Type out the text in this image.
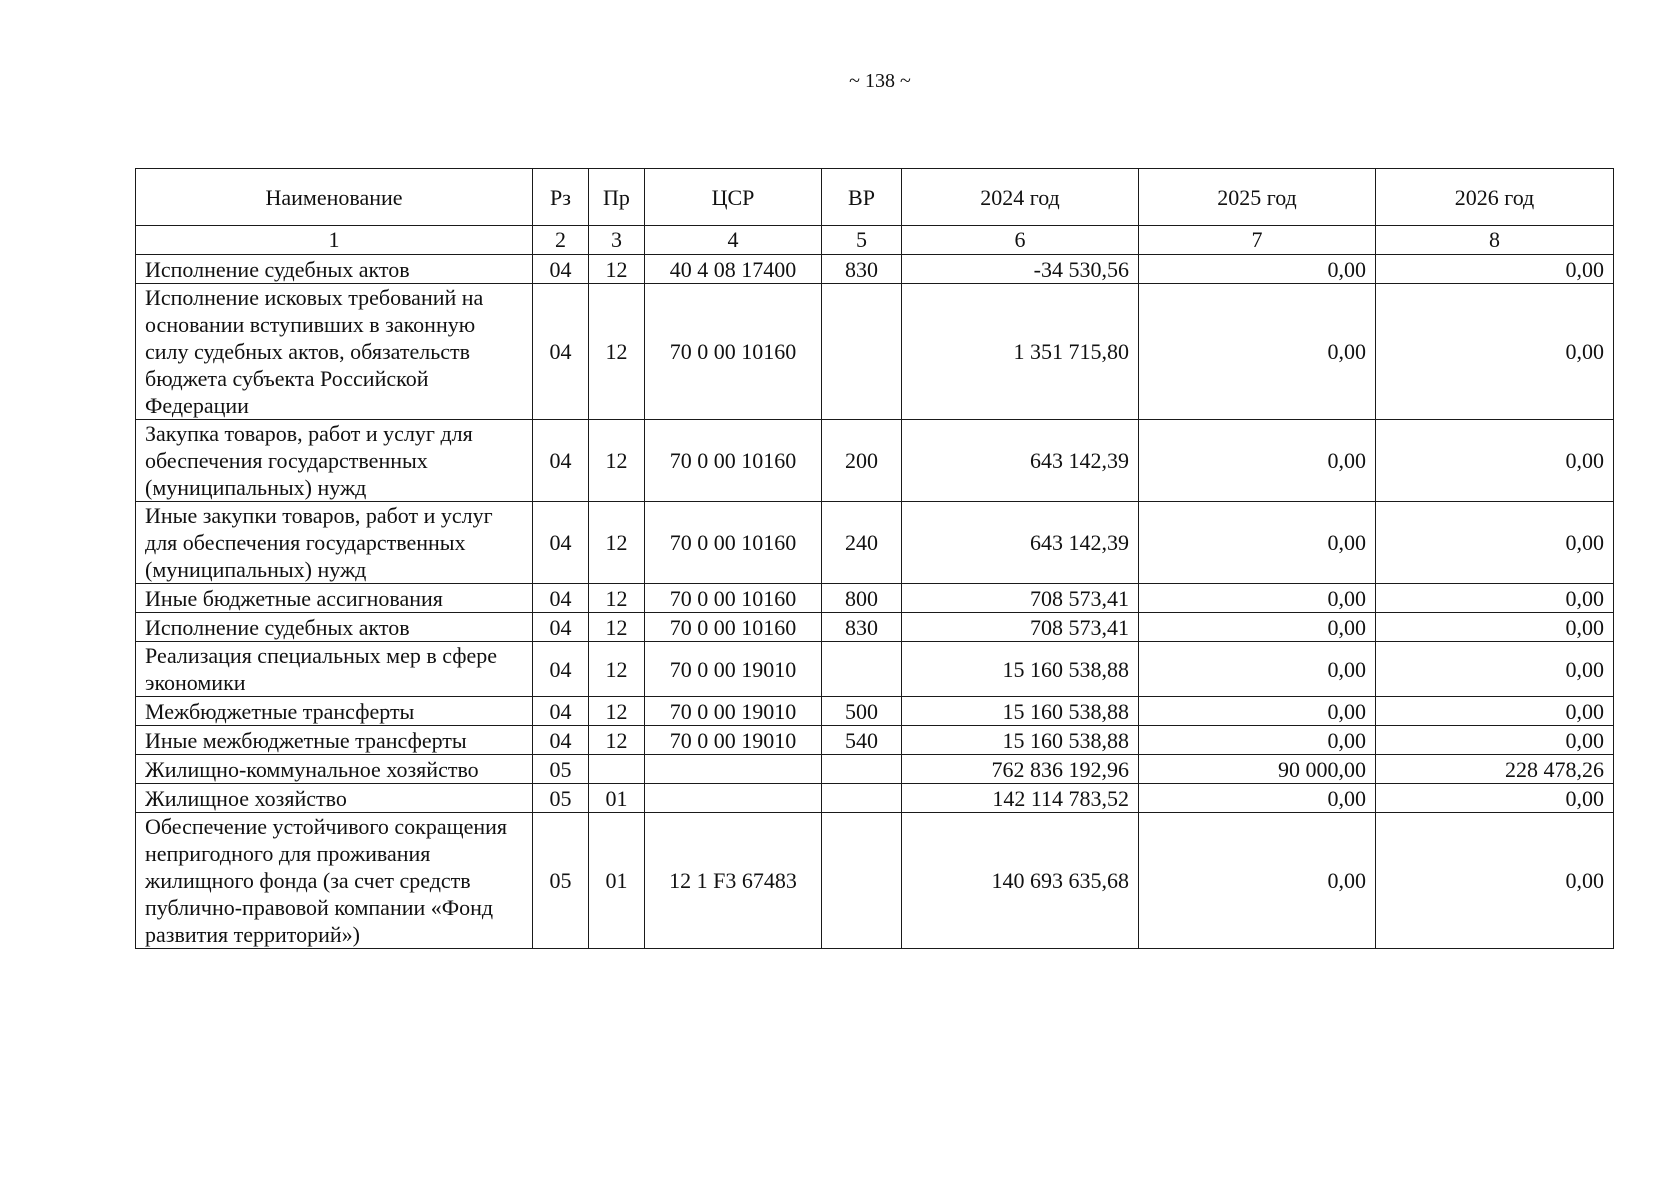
~ 138 ~
Наименование	Рз	Пр	ЦСР	ВР	2024 год	2025 год	2026 год
1	2	3	4	5	6	7	8
Исполнение судебных актов	04	12	40 4 08 17400	830	-34 530,56	0,00	0,00
Исполнение исковых требований на основании вступивших в законную силу судебных актов, обязательств бюджета субъекта Российской Федерации	04	12	70 0 00 10160		1 351 715,80	0,00	0,00
Закупка товаров, работ и услуг для обеспечения государственных (муниципальных) нужд	04	12	70 0 00 10160	200	643 142,39	0,00	0,00
Иные закупки товаров, работ и услуг для обеспечения государственных (муниципальных) нужд	04	12	70 0 00 10160	240	643 142,39	0,00	0,00
Иные бюджетные ассигнования	04	12	70 0 00 10160	800	708 573,41	0,00	0,00
Исполнение судебных актов	04	12	70 0 00 10160	830	708 573,41	0,00	0,00
Реализация специальных мер в сфере экономики	04	12	70 0 00 19010		15 160 538,88	0,00	0,00
Межбюджетные трансферты	04	12	70 0 00 19010	500	15 160 538,88	0,00	0,00
Иные межбюджетные трансферты	04	12	70 0 00 19010	540	15 160 538,88	0,00	0,00
Жилищно-коммунальное хозяйство	05				762 836 192,96	90 000,00	228 478,26
Жилищное хозяйство	05	01			142 114 783,52	0,00	0,00
Обеспечение устойчивого сокращения непригодного для проживания жилищного фонда (за счет средств публично-правовой компании «Фонд развития территорий»)	05	01	12 1 F3 67483		140 693 635,68	0,00	0,00
